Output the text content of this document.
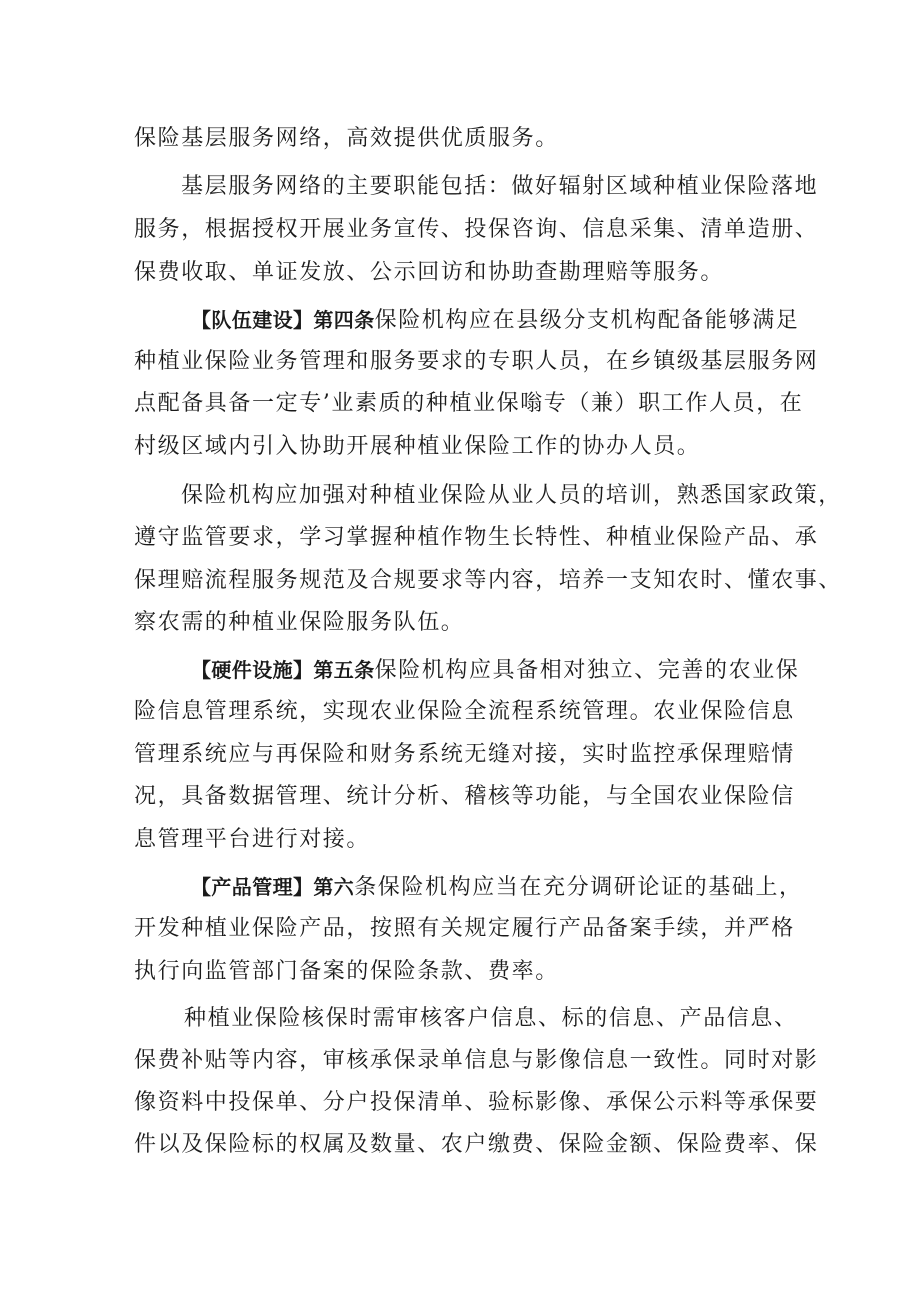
保险基层服务网络，高效提供优质服务。
基层服务网络的主要职能包括：做好辐射区域种植业保险落地
服务，根据授权开展业务宣传、投保咨询、信息采集、清单造册、
保费收取、单证发放、公示回访和协助查勘理赔等服务。
【队伍建设】第四条保险机构应在县级分支机构配备能够满足
种植业保险业务管理和服务要求的专职人员，在乡镇级基层服务网
点配备具备一定专’业素质的种植业保嗡专（兼）职工作人员，在
村级区域内引入协助开展种植业保险工作的协办人员。
保险机构应加强对种植业保险从业人员的培训，熟悉国家政策，
遵守监管要求，学习掌握种植作物生长特性、种植业保险产品、承
保理赔流程服务规范及合规要求等内容，培养一支知农时、懂农事、
察农需的种植业保险服务队伍。
【硬件设施】第五条保险机构应具备相对独立、完善的农业保
险信息管理系统，实现农业保险全流程系统管理。农业保险信息
管理系统应与再保险和财务系统无缝对接，实时监控承保理赔情
况，具备数据管理、统计分析、稽核等功能，与全国农业保险信
息管理平台进行对接。
【产品管理】第六条保险机构应当在充分调研论证的基础上，
开发种植业保险产品，按照有关规定履行产品备案手续，并严格
执行向监管部门备案的保险条款、费率。
种植业保险核保时需审核客户信息、标的信息、产品信息、
保费补贴等内容，审核承保录单信息与影像信息一致性。同时对影
像资料中投保单、分户投保清单、验标影像、承保公示料等承保要
件以及保险标的权属及数量、农户缴费、保险金额、保险费率、保
